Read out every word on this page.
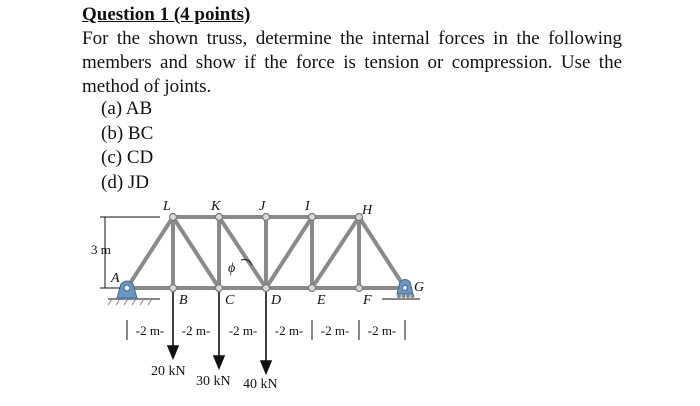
Question 1 (4 points)

For the shown truss, determine the internal forces in the following members and show if the force is tension or compression. Use the method of joints.

(a) AB
(b) BC
(c) CD
(d) JD
3 m
A
B	C	D	E	F
G
L	K	J	I	H
ϕ
-2 m- -2 m- -2 m- -2 m- -2 m- -2 m-
20 kN
30 kN 40 kN
